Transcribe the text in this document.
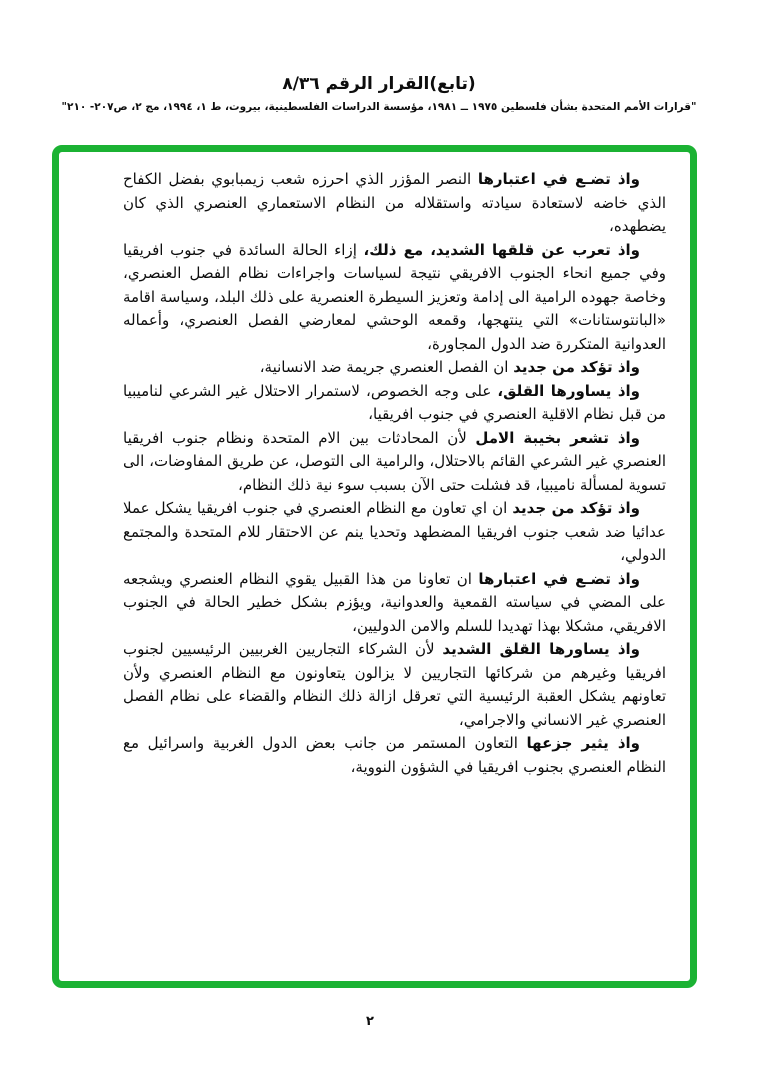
(تابع)القرار الرقم ٨/٣٦
"قرارات الأمم المتحدة بشأن فلسطين ١٩٧٥ ــ ١٩٨١، مؤسسة الدراسات الفلسطينية، بيروت، ط ١، ١٩٩٤، مج ٢، ص٢٠٧- ٢١٠"

واذ تضـع في اعتبارها النصر المؤزر الذي احرزه شعب زيمبابوي بفضل الكفاح الذي خاضه لاستعادة سيادته واستقلاله من النظام الاستعماري العنصري الذي كان يضطهده،

واذ تعرب عن قلقها الشديد، مع ذلك، إزاء الحالة السائدة في جنوب افريقيا وفي جميع انحاء الجنوب الافريقي نتيجة لسياسات واجراءات نظام الفصل العنصري، وخاصة جهوده الرامية الى إدامة وتعزيز السيطرة العنصرية على ذلك البلد، وسياسة اقامة «البانتوستانات» التي ينتهجها، وقمعه الوحشي لمعارضي الفصل العنصري، وأعماله العدوانية المتكررة ضد الدول المجاورة،

واذ تؤكد من جديد ان الفصل العنصري جريمة ضد الانسانية،

واذ يساورها القلق، على وجه الخصوص، لاستمرار الاحتلال غير الشرعي لناميبيا من قبل نظام الاقلية العنصري في جنوب افريقيا،

واذ تشعر بخيبة الامل لأن المحادثات بين الام المتحدة ونظام جنوب افريقيا العنصري غير الشرعي القائم بالاحتلال، والرامية الى التوصل، عن طريق المفاوضات، الى تسوية لمسألة ناميبيا، قد فشلت حتى الآن بسبب سوء نية ذلك النظام،

واذ تؤكد من جديد ان اي تعاون مع النظام العنصري في جنوب افريقيا يشكل عملا عدائيا ضد شعب جنوب افريقيا المضطهد وتحديا ينم عن الاحتقار للام المتحدة والمجتمع الدولي،

واذ تضـع في اعتبارها ان تعاونا من هذا القبيل يقوي النظام العنصري ويشجعه على المضي في سياسته القمعية والعدوانية، ويؤزم بشكل خطير الحالة في الجنوب الافريقي، مشكلا بهذا تهديدا للسلم والامن الدوليين،

واذ يساورها القلق الشديد لأن الشركاء التجاريين الغربيين الرئيسيين لجنوب افريقيا وغيرهم من شركائها التجاريين لا يزالون يتعاونون مع النظام العنصري ولأن تعاونهم يشكل العقبة الرئيسية التي تعرقل ازالة ذلك النظام والقضاء على نظام الفصل العنصري غير الانساني والاجرامي،

واذ يثير جزعها التعاون المستمر من جانب بعض الدول الغربية واسرائيل مع النظام العنصري بجنوب افريقيا في الشؤون النووية،

٢
